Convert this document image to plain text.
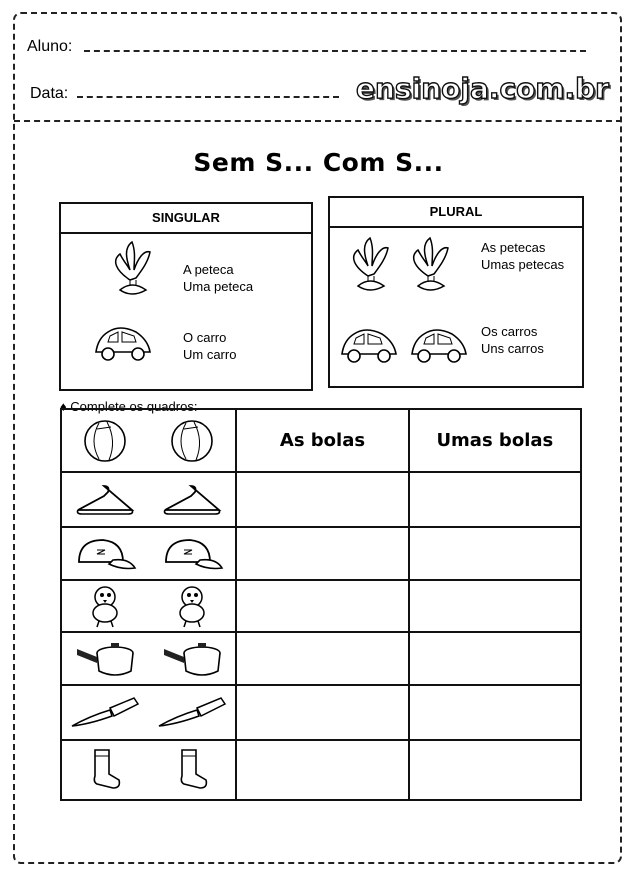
Aluno:
Data:	ensinoja.com.br
Sem S... Com S...
SINGULAR	PLURAL
A peteca
Uma peteca
O carro
Um carro
As petecas
Umas petecas
Os carros
Uns carros
♦ Complete os quadros:
	As bolas	Umas bolas
